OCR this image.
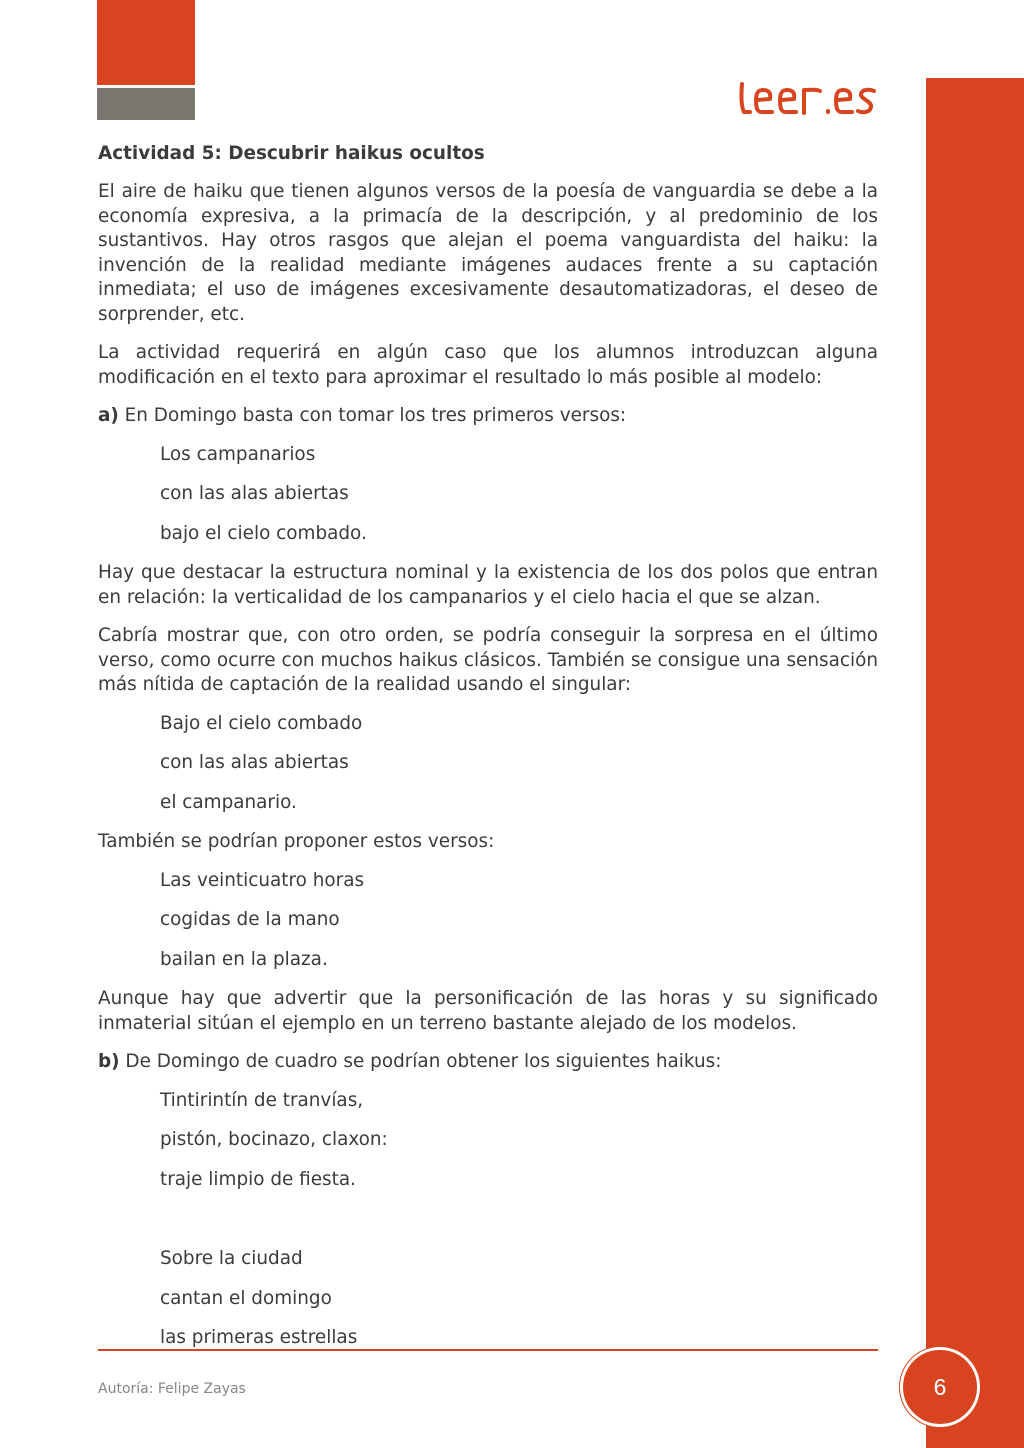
Actividad 5: Descubrir haikus ocultos

El aire de haiku que tienen algunos versos de la poesía de vanguardia se debe a la economía expresiva, a la primacía de la descripción, y al predominio de los sustantivos. Hay otros rasgos que alejan el poema vanguardista del haiku: la invención de la realidad mediante imágenes audaces frente a su captación inmediata; el uso de imágenes excesivamente desautomatizadoras, el deseo de sorprender, etc.

La actividad requerirá en algún caso que los alumnos introduzcan alguna modificación en el texto para aproximar el resultado lo más posible al modelo:

a) En Domingo basta con tomar los tres primeros versos:

Los campanarios
con las alas abiertas
bajo el cielo combado.

Hay que destacar la estructura nominal y la existencia de los dos polos que entran en relación: la verticalidad de los campanarios y el cielo hacia el que se alzan.

Cabría mostrar que, con otro orden, se podría conseguir la sorpresa en el último verso, como ocurre con muchos haikus clásicos. También se consigue una sensación más nítida de captación de la realidad usando el singular:

Bajo el cielo combado
con las alas abiertas
el campanario.

También se podrían proponer estos versos:

Las veinticuatro horas
cogidas de la mano
bailan en la plaza.

Aunque hay que advertir que la personificación de las horas y su significado inmaterial sitúan el ejemplo en un terreno bastante alejado de los modelos.

b) De Domingo de cuadro se podrían obtener los siguientes haikus:

Tintirintín de tranvías,
pistón, bocinazo, claxon:
traje limpio de fiesta.
Sobre la ciudad
cantan el domingo
las primeras estrellas
Autoría: Felipe Zayas	6
